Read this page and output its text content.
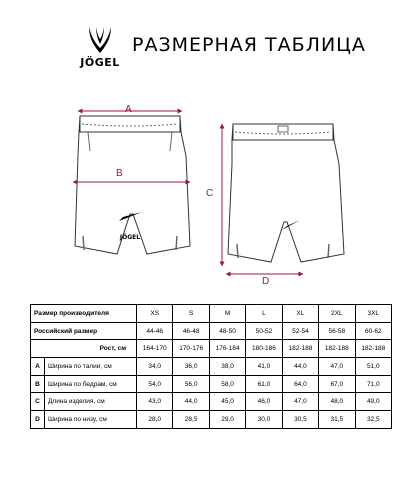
JÖGEL
РАЗМЕРНАЯ ТАБЛИЦА
JÖGEL
A
B
C
D
Размер производителя		XS	S	M	L	XL	2XL	3XL
Российский размер		44-46	46-48	48-50	50-52	52-54	56-58	60-62
Рост, см		164-170	170-176	176-184	180-186	182-188	182-188	182-188
A	Ширина по талии, см	34,0	36,0	38,0	41,0	44,0	47,0	51,0
B	Ширина по бедрам, см	54,0	56,0	58,0	61,0	64,0	67,0	71,0
C	Длина изделия, см	43,0	44,0	45,0	46,0	47,0	48,0	49,0
D	Ширина по низу, см	28,0	28,5	29,0	30,0	30,5	31,5	32,5
